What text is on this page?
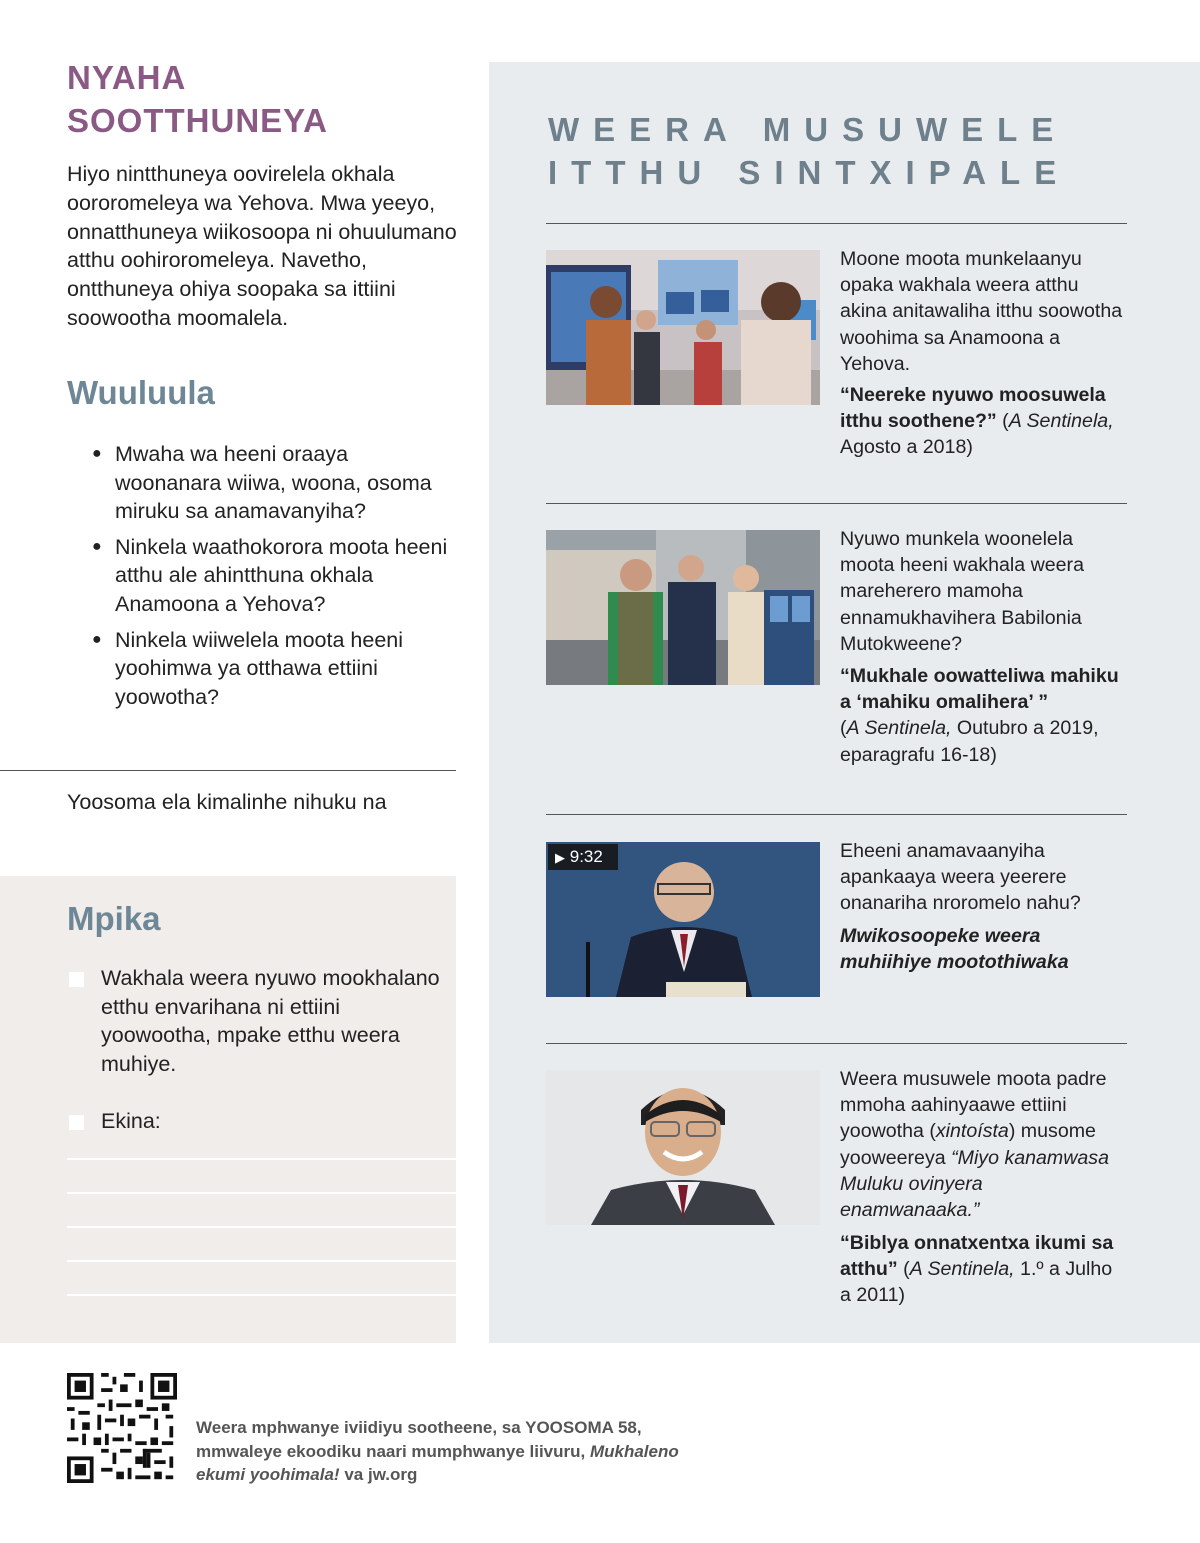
NYAHA SOOTTHUNEYA

Hiyo nintthuneya oovirelela okhala oororomeleya wa Yehova. Mwa yeeyo, onnatthuneya wiikosoopa ni ohuulumano atthu oohiroromeleya. Navetho, ontthuneya ohiya soopaka sa ittiini soowootha moomalela.

Wuuluula
● Mwaha wa heeni oraaya woonanara wiiwa, woona, osoma miruku sa anamavanyiha?
● Ninkela waathokorora moota heeni atthu ale ahintthuna okhala Anamoona a Yehova?
● Ninkela wiiwelela moota heeni yoohimwa ya otthawa ettiini yoowotha?

Yoosoma ela kimalinhe nihuku na

Mpika

Wakhala weera nyuwo mookhalano etthu envarihana ni ettiini yoowootha, mpake etthu weera muhiye.

Ekina:

WEERA MUSUWELE ITTHU SINTXIPALE

Moone moota munkelaanyu opaka wakhala weera atthu akina anitawaliha itthu soowotha woohima sa Anamoona a Yehova.

“Neereke nyuwo moosuwela itthu soothene?” (A Sentinela, Agosto a 2018)

Nyuwo munkela woonelela moota heeni wakhala weera mareherero mamoha ennamukhavihera Babilonia Mutokweene?

“Mukhale oowatteliwa mahiku a ‘mahiku omalihera’ ”
(A Sentinela, Outubro a 2019, eparagrafu 16-18)

▶ 9:32	Eheeni anamavaanyiha apankaaya weera yeerere onanariha nroromelo nahu?

Mwikosoopeke weera muhiihiye mootothiwaka

Weera musuwele moota padre mmoha aahinyaawe ettiini yoowotha (xintoísta) musome yooweereya “Miyo kanamwasa Muluku ovinyera enamwanaaka.”

“Biblya onnatxentxa ikumi sa atthu” (A Sentinela, 1.º a Julho a 2011)

Weera mphwanye iviidiyu sootheene, sa YOOSOMA 58, mmwaleye ekoodiku naari mumphwanye liivuru, Mukhaleno ekumi yoohimala! va jw.org
